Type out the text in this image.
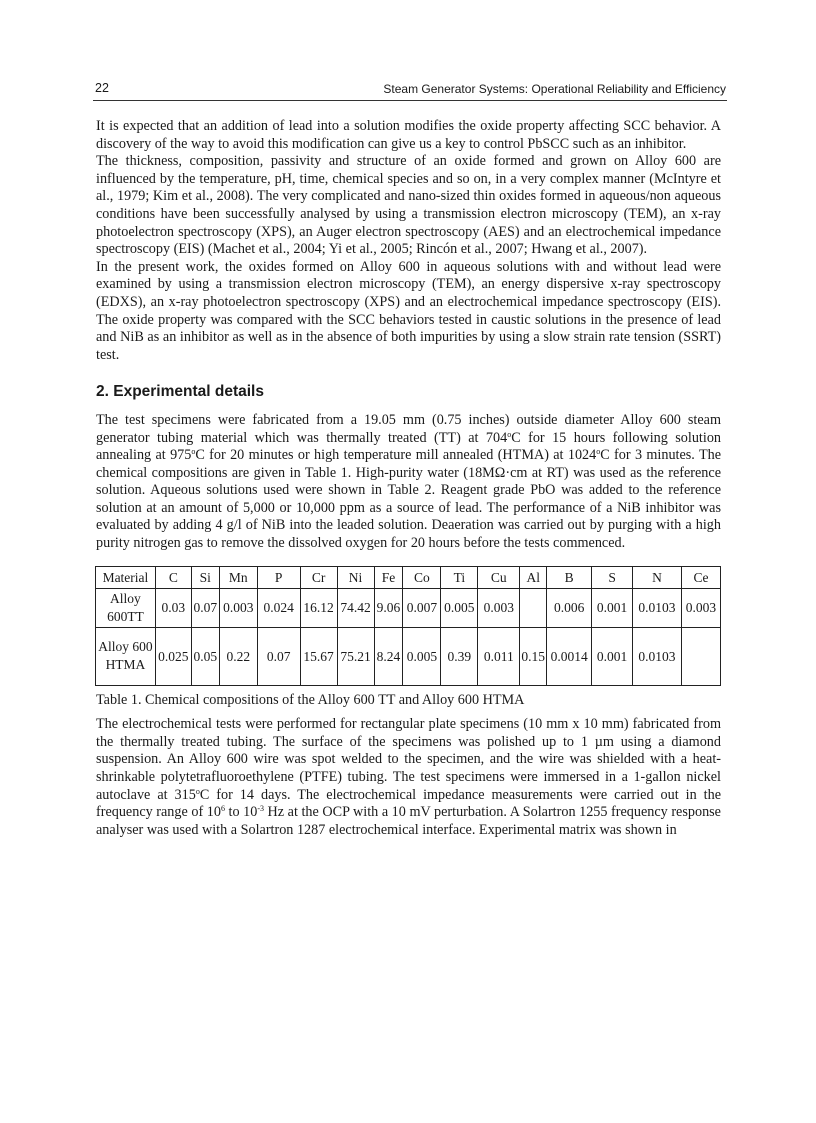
22	Steam Generator Systems: Operational Reliability and Efficiency

It is expected that an addition of lead into a solution modifies the oxide property affecting SCC behavior. A discovery of the way to avoid this modification can give us a key to control PbSCC such as an inhibitor.

The thickness, composition, passivity and structure of an oxide formed and grown on Alloy 600 are influenced by the temperature, pH, time, chemical species and so on, in a very complex manner (McIntyre et al., 1979; Kim et al., 2008). The very complicated and nano-sized thin oxides formed in aqueous/non aqueous conditions have been successfully analysed by using a transmission electron microscopy (TEM), an x-ray photoelectron spectroscopy (XPS), an Auger electron spectroscopy (AES) and an electrochemical impedance spectroscopy (EIS) (Machet et al., 2004; Yi et al., 2005; Rincón et al., 2007; Hwang et al., 2007).

In the present work, the oxides formed on Alloy 600 in aqueous solutions with and without lead were examined by using a transmission electron microscopy (TEM), an energy dispersive x-ray spectroscopy (EDXS), an x-ray photoelectron spectroscopy (XPS) and an electrochemical impedance spectroscopy (EIS). The oxide property was compared with the SCC behaviors tested in caustic solutions in the presence of lead and NiB as an inhibitor as well as in the absence of both impurities by using a slow strain rate tension (SSRT) test.

2. Experimental details

The test specimens were fabricated from a 19.05 mm (0.75 inches) outside diameter Alloy 600 steam generator tubing material which was thermally treated (TT) at 704$^o$C for 15 hours following solution annealing at 975$^o$C for 20 minutes or high temperature mill annealed (HTMA) at 1024$^o$C for 3 minutes. The chemical compositions are given in Table 1. High-purity water (18MΩ·cm at RT) was used as the reference solution. Aqueous solutions used were shown in Table 2. Reagent grade PbO was added to the reference solution at an amount of 5,000 or 10,000 ppm as a source of lead. The performance of a NiB inhibitor was evaluated by adding 4 g/l of NiB into the leaded solution. Deaeration was carried out by purging with a high purity nitrogen gas to remove the dissolved oxygen for 20 hours before the tests commenced.

Material	C	Si	Mn	P	Cr	Ni	Fe	Co	Ti	Cu	Al	B	S	N	Ce
Alloy 600TT	0.03	0.07	0.003	0.024	16.12	74.42	9.06	0.007	0.005	0.003		0.006	0.001	0.0103	0.003
Alloy 600 HTMA	0.025	0.05	0.22	0.07	15.67	75.21	8.24	0.005	0.39	0.011	0.15	0.0014	0.001	0.0103	
Table 1. Chemical compositions of the Alloy 600 TT and Alloy 600 HTMA

The electrochemical tests were performed for rectangular plate specimens (10 mm x 10 mm) fabricated from the thermally treated tubing. The surface of the specimens was polished up to 1 µm using a diamond suspension. An Alloy 600 wire was spot welded to the specimen, and the wire was shielded with a heat-shrinkable polytetrafluoroethylene (PTFE) tubing. The test specimens were immersed in a 1-gallon nickel autoclave at 315$^o$C for 14 days. The electrochemical impedance measurements were carried out in the frequency range of $10^6$ to $10^{-3}$ Hz at the OCP with a 10 mV perturbation. A Solartron 1255 frequency response analyser was used with a Solartron 1287 electrochemical interface. Experimental matrix was shown in
